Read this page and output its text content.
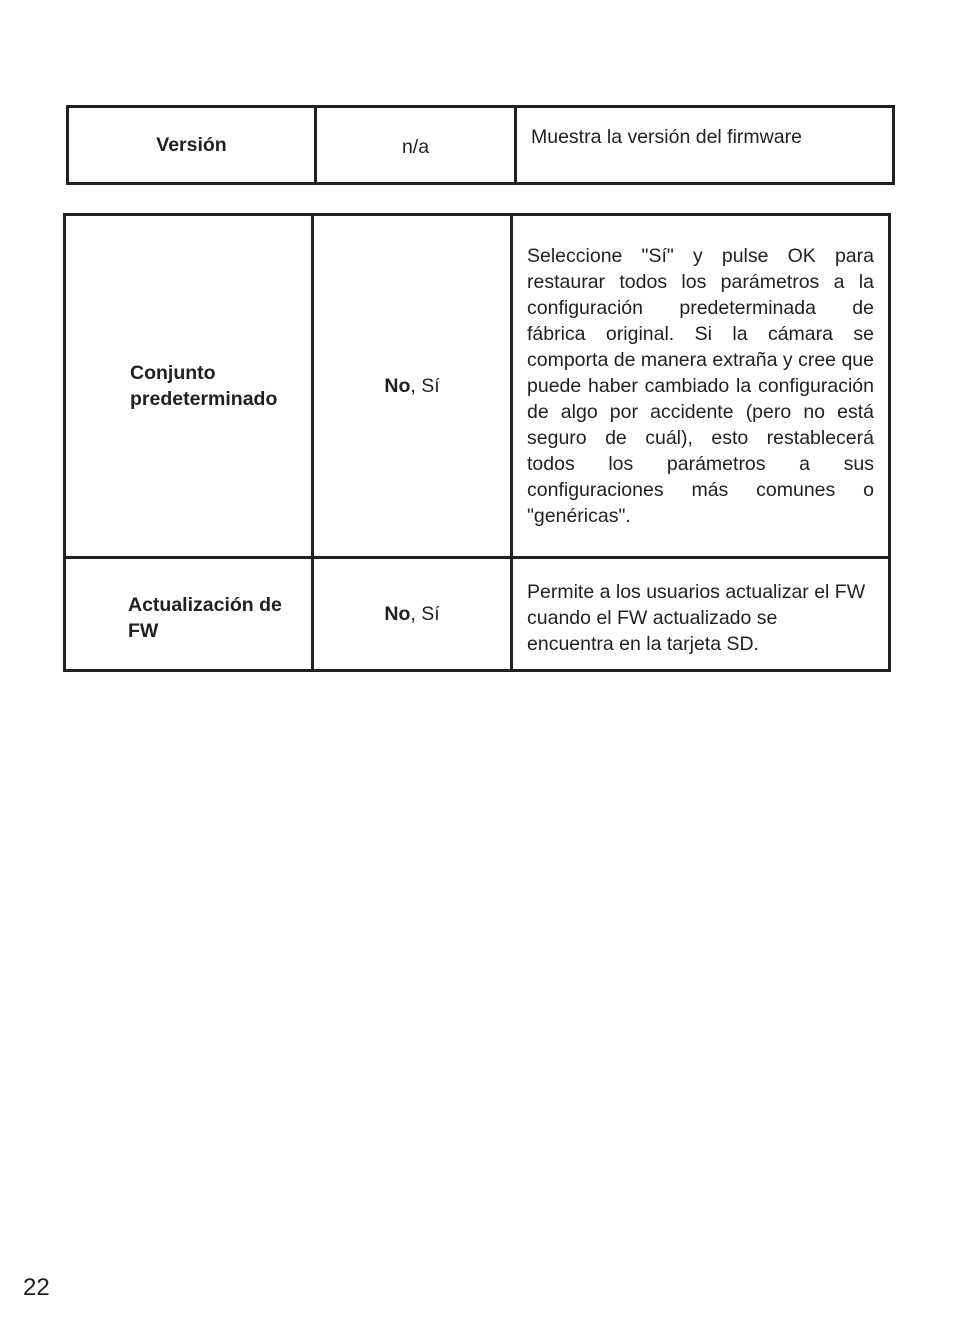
Versión	n/a	Muestra la versión del firmware
Conjunto predeterminado	No, Sí	Seleccione "Sí" y pulse OK para restaurar todos los parámetros a la configuración predeterminada de fábrica original. Si la cámara se comporta de manera extraña y cree que puede haber cambiado la configuración de algo por accidente (pero no está seguro de cuál), esto restablecerá todos los parámetros a sus configuraciones más comunes o "genéricas".

Actualización de FW	No, Sí	Permite a los usuarios actualizar el FW cuando el FW actualizado se encuentra en la tarjeta SD.
22
